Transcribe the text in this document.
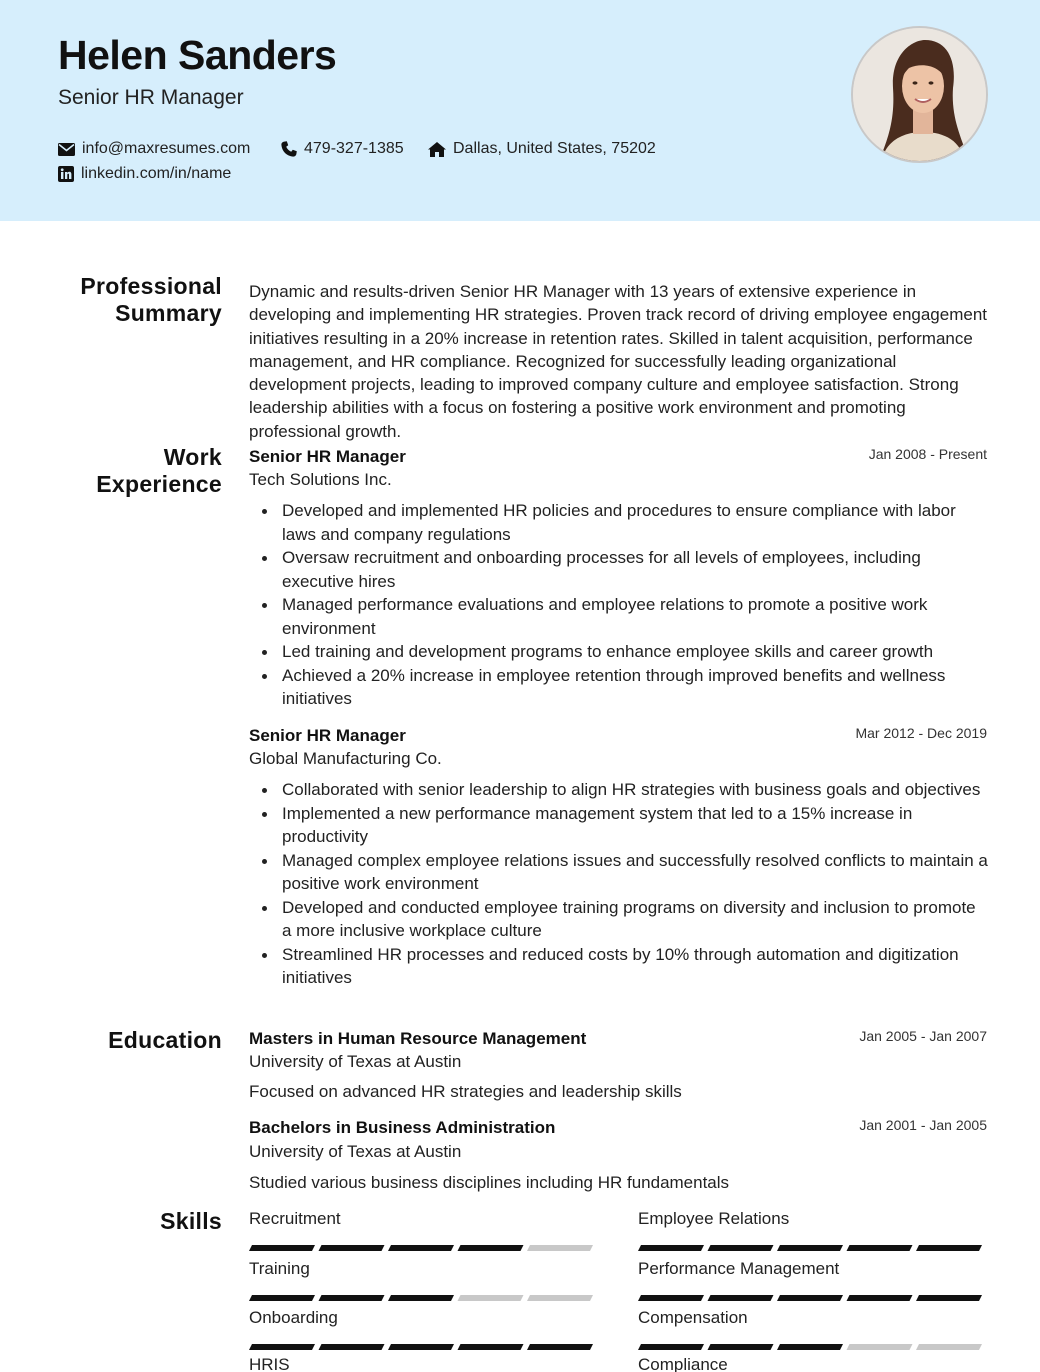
Helen Sanders
Senior HR Manager
info@maxresumes.com	479-327-1385	Dallas, United States, 75202
linkedin.com/in/name
Professional Summary
Dynamic and results-driven Senior HR Manager with 13 years of extensive experience in developing and implementing HR strategies. Proven track record of driving employee engagement initiatives resulting in a 20% increase in retention rates. Skilled in talent acquisition, performance management, and HR compliance. Recognized for successfully leading organizational development projects, leading to improved company culture and employee satisfaction. Strong leadership abilities with a focus on fostering a positive work environment and promoting professional growth.
Work Experience
Senior HR Manager	Jan 2008 - Present
Tech Solutions Inc.
Developed and implemented HR policies and procedures to ensure compliance with labor laws and company regulations
Oversaw recruitment and onboarding processes for all levels of employees, including executive hires
Managed performance evaluations and employee relations to promote a positive work environment
Led training and development programs to enhance employee skills and career growth
Achieved a 20% increase in employee retention through improved benefits and wellness initiatives
Senior HR Manager	Mar 2012 - Dec 2019
Global Manufacturing Co.
Collaborated with senior leadership to align HR strategies with business goals and objectives
Implemented a new performance management system that led to a 15% increase in productivity
Managed complex employee relations issues and successfully resolved conflicts to maintain a positive work environment
Developed and conducted employee training programs on diversity and inclusion to promote a more inclusive workplace culture
Streamlined HR processes and reduced costs by 10% through automation and digitization initiatives
Education Masters in Human Resource Management	Jan 2005 - Jan 2007
University of Texas at Austin
Focused on advanced HR strategies and leadership skills
Bachelors in Business Administration	Jan 2001 - Jan 2005
University of Texas at Austin
Studied various business disciplines including HR fundamentals
Skills Recruitment	Employee Relations
Training	Performance Management
Onboarding	Compensation
HRIS	Compliance
